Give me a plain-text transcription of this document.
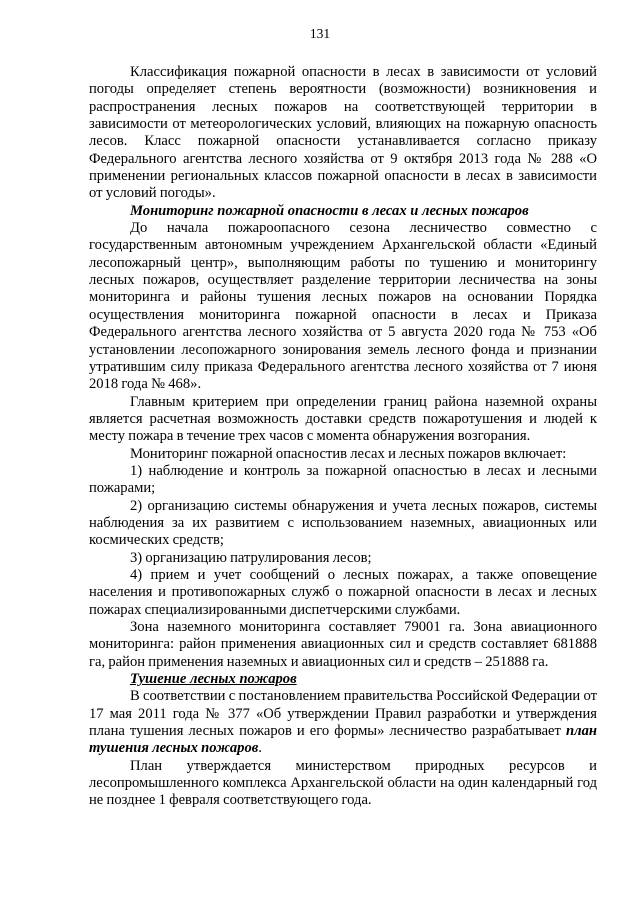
131

Классификация пожарной опасности в лесах в зависимости от условий погоды определяет степень вероятности (возможности) возникновения и распространения лесных пожаров на соответствующей территории в зависимости от метеорологических условий, влияющих на пожарную опасность лесов. Класс пожарной опасности устанавливается согласно приказу Федерального агентства лесного хозяйства от 9 октября 2013 года № 288 «О применении региональных классов пожарной опасности в лесах в зависимости от условий погоды».

Мониторинг пожарной опасности в лесах и лесных пожаров

До начала пожароопасного сезона лесничество совместно с государственным автономным учреждением Архангельской области «Единый лесопожарный центр», выполняющим работы по тушению и мониторингу лесных пожаров, осуществляет разделение территории лесничества на зоны мониторинга и районы тушения лесных пожаров на основании Порядка осуществления мониторинга пожарной опасности в лесах и Приказа Федерального агентства лесного хозяйства от 5 августа 2020 года № 753 «Об установлении лесопожарного зонирования земель лесного фонда и признании утратившим силу приказа Федерального агентства лесного хозяйства от 7 июня 2018 года № 468».

Главным критерием при определении границ района наземной охраны является расчетная возможность доставки средств пожаротушения и людей к месту пожара в течение трех часов с момента обнаружения возгорания.

Мониторинг пожарной опасностив лесах и лесных пожаров включает:

1) наблюдение и контроль за пожарной опасностью в лесах и лесными пожарами;

2) организацию системы обнаружения и учета лесных пожаров, системы наблюдения за их развитием с использованием наземных, авиационных или космических средств;

3) организацию патрулирования лесов;

4) прием и учет сообщений о лесных пожарах, а также оповещение населения и противопожарных служб о пожарной опасности в лесах и лесных пожарах специализированными диспетчерскими службами.

Зона наземного мониторинга составляет 79001 га. Зона авиационного мониторинга: район применения авиационных сил и средств составляет 681888 га, район применения наземных и авиационных сил и средств – 251888 га.

Тушение лесных пожаров

В соответствии с постановлением правительства Российской Федерации от 17 мая 2011 года № 377 «Об утверждении Правил разработки и утверждения плана тушения лесных пожаров и его формы» лесничество разрабатывает план тушения лесных пожаров.

План утверждается министерством природных ресурсов и лесопромышленного комплекса Архангельской области на один календарный год не позднее 1 февраля соответствующего года.
